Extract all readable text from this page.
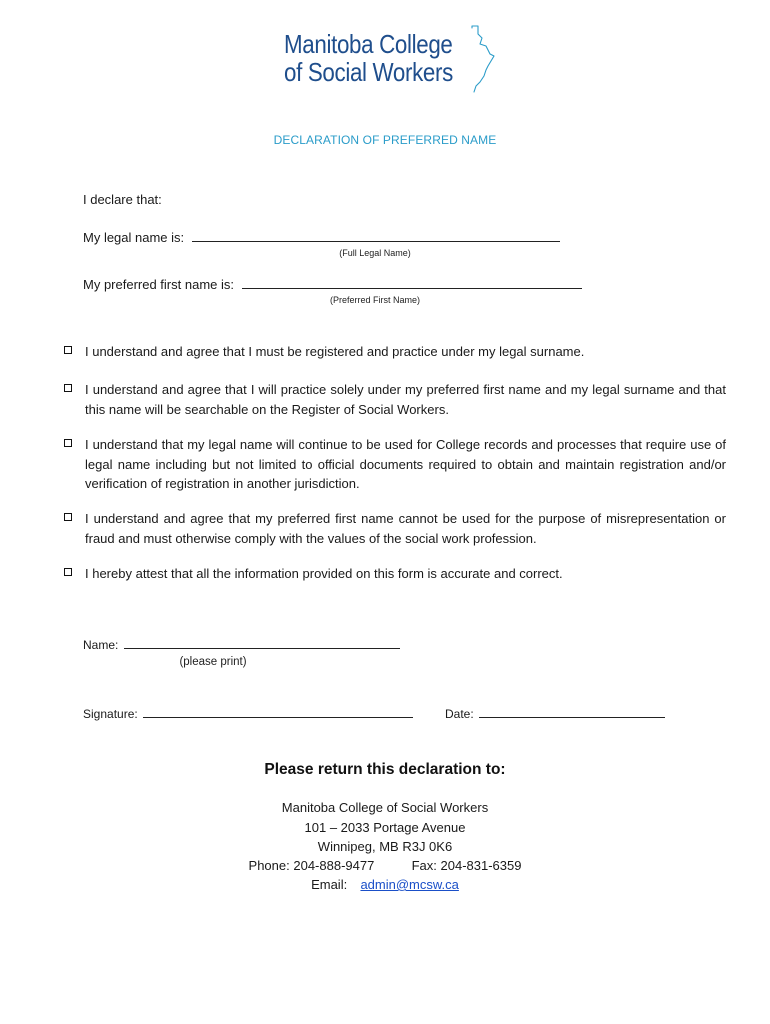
Manitoba College
of Social Workers
DECLARATION OF PREFERRED NAME
I declare that:
My legal name is:
(Full Legal Name)
My preferred first name is:
(Preferred First Name)
I understand and agree that I must be registered and practice under my legal surname.
I understand and agree that I will practice solely under my preferred first name and my legal surname and that this name will be searchable on the Register of Social Workers.
I understand that my legal name will continue to be used for College records and processes that require use of legal name including but not limited to official documents required to obtain and maintain registration and/or verification of registration in another jurisdiction.
I understand and agree that my preferred first name cannot be used for the purpose of misrepresentation or fraud and must otherwise comply with the values of the social work profession.
I hereby attest that all the information provided on this form is accurate and correct.
Name:
(please print)
Signature:	Date:
Please return this declaration to:
Manitoba College of Social Workers
101 – 2033 Portage Avenue
Winnipeg, MB R3J 0K6
Phone: 204-888-9477	Fax: 204-831-6359
Email: admin@mcsw.ca
